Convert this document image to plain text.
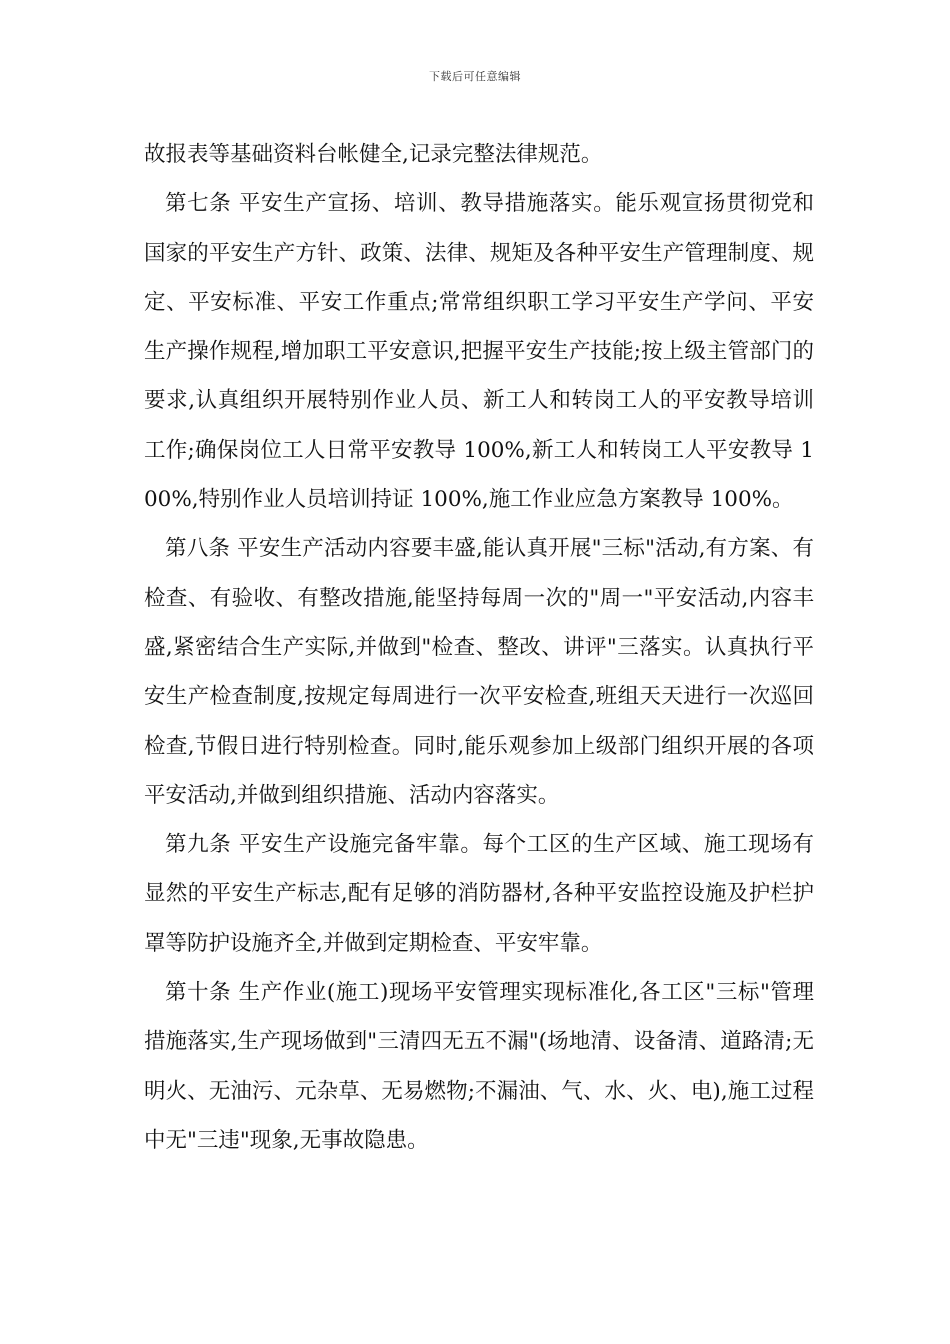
下载后可任意编辑

故报表等基础资料台帐健全,记录完整法律规范。

第七条 平安生产宣扬、培训、教导措施落实。能乐观宣扬贯彻党和国家的平安生产方针、政策、法律、规矩及各种平安生产管理制度、规定、平安标准、平安工作重点;常常组织职工学习平安生产学问、平安生产操作规程,增加职工平安意识,把握平安生产技能;按上级主管部门的要求,认真组织开展特别作业人员、新工人和转岗工人的平安教导培训工作;确保岗位工人日常平安教导 100%,新工人和转岗工人平安教导 100%,特别作业人员培训持证 100%,施工作业应急方案教导 100%。

第八条 平安生产活动内容要丰盛,能认真开展"三标"活动,有方案、有检查、有验收、有整改措施,能坚持每周一次的"周一"平安活动,内容丰盛,紧密结合生产实际,并做到"检查、整改、讲评"三落实。认真执行平安生产检查制度,按规定每周进行一次平安检查,班组天天进行一次巡回检查,节假日进行特别检查。同时,能乐观参加上级部门组织开展的各项平安活动,并做到组织措施、活动内容落实。

第九条 平安生产设施完备牢靠。每个工区的生产区域、施工现场有显然的平安生产标志,配有足够的消防器材,各种平安监控设施及护栏护罩等防护设施齐全,并做到定期检查、平安牢靠。

第十条 生产作业(施工)现场平安管理实现标准化,各工区"三标"管理措施落实,生产现场做到"三清四无五不漏"(场地清、设备清、道路清;无明火、无油污、元杂草、无易燃物;不漏油、气、水、火、电),施工过程中无"三违"现象,无事故隐患。
